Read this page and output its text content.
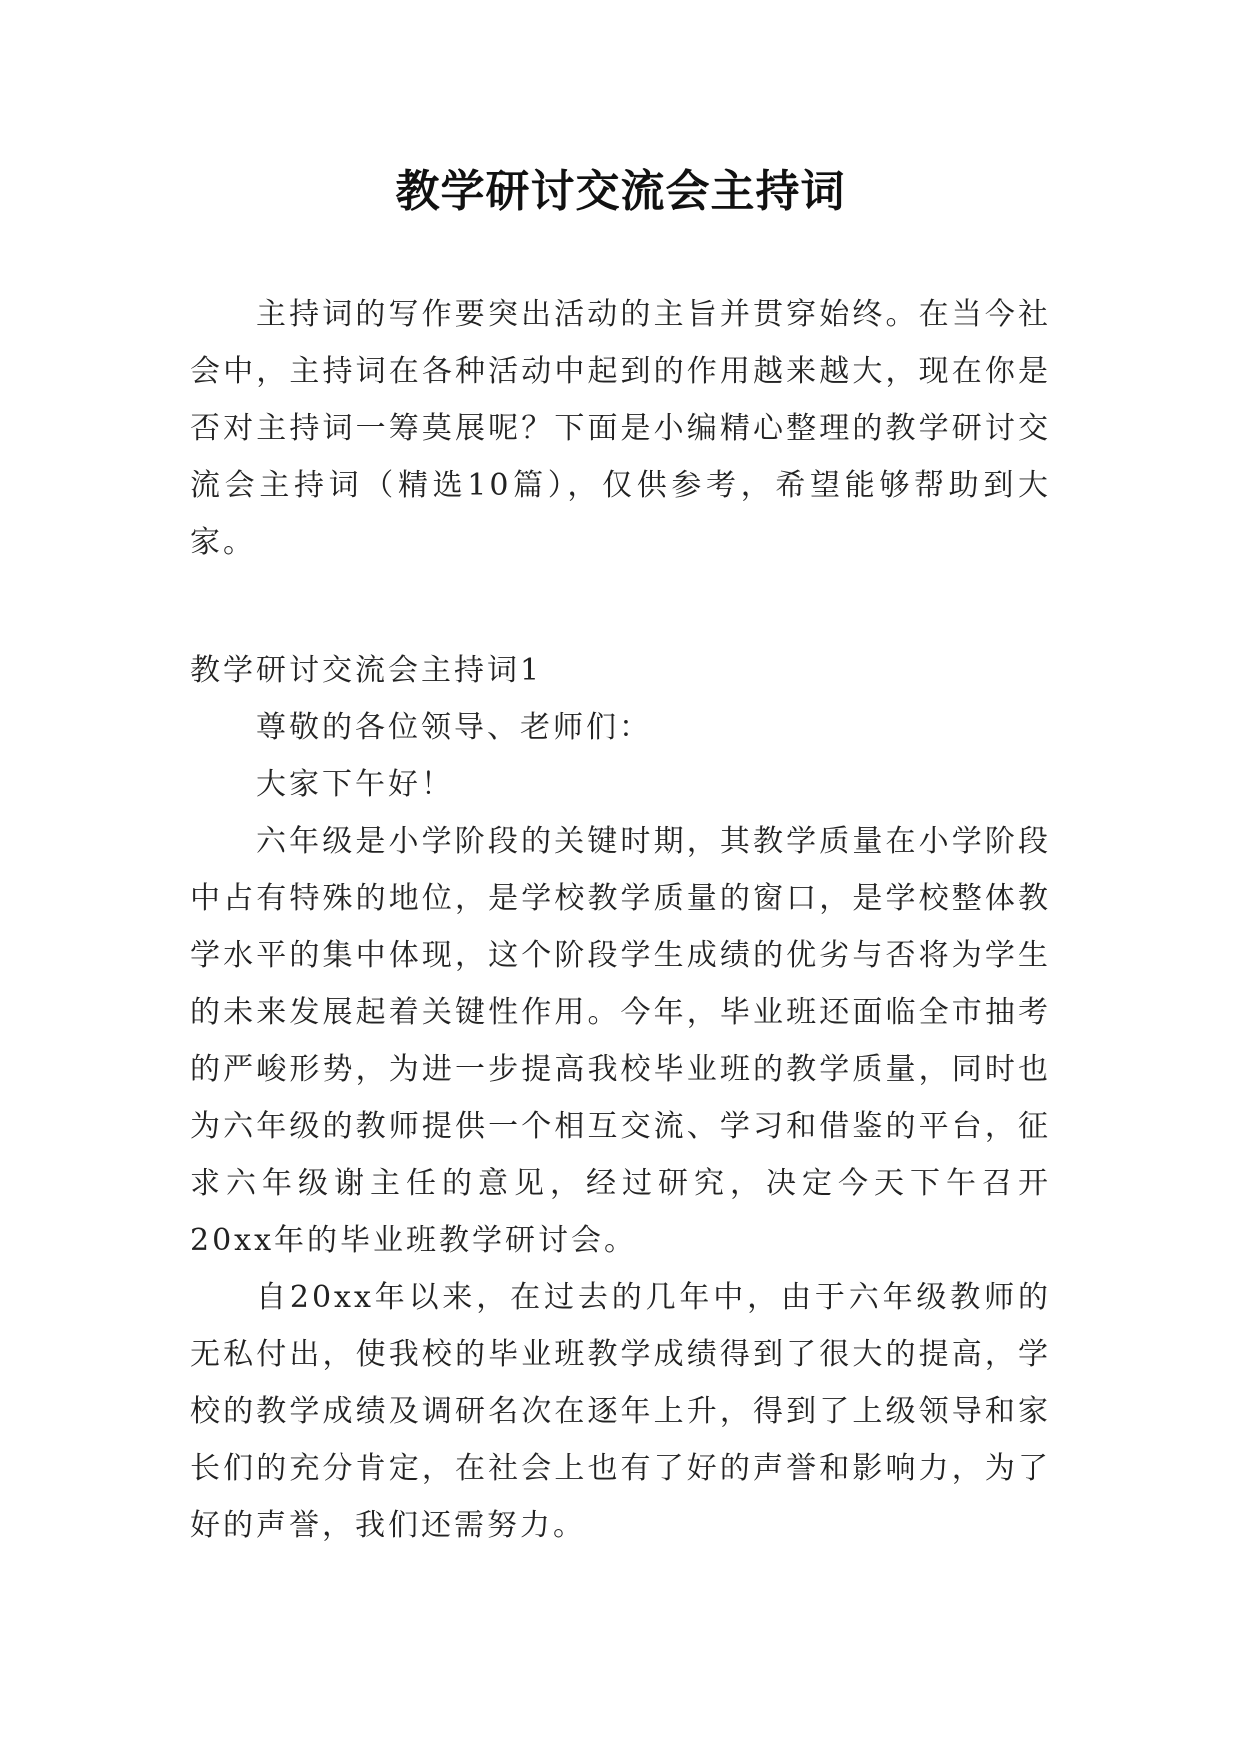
教学研讨交流会主持词
主持词的写作要突出活动的主旨并贯穿始终。在当今社会中，主持词在各种活动中起到的作用越来越大，现在你是否对主持词一筹莫展呢？下面是小编精心整理的教学研讨交流会主持词（精选10篇），仅供参考，希望能够帮助到大家。

教学研讨交流会主持词1

尊敬的各位领导、老师们：

大家下午好！

六年级是小学阶段的关键时期，其教学质量在小学阶段中占有特殊的地位，是学校教学质量的窗口，是学校整体教学水平的集中体现，这个阶段学生成绩的优劣与否将为学生的未来发展起着关键性作用。今年，毕业班还面临全市抽考的严峻形势，为进一步提高我校毕业班的教学质量，同时也为六年级的教师提供一个相互交流、学习和借鉴的平台，征求六年级谢主任的意见，经过研究，决定今天下午召开20xx年的毕业班教学研讨会。

自20xx年以来，在过去的几年中，由于六年级教师的无私付出，使我校的毕业班教学成绩得到了很大的提高，学校的教学成绩及调研名次在逐年上升，得到了上级领导和家长们的充分肯定，在社会上也有了好的声誉和影响力，为了好的声誉，我们还需努力。
